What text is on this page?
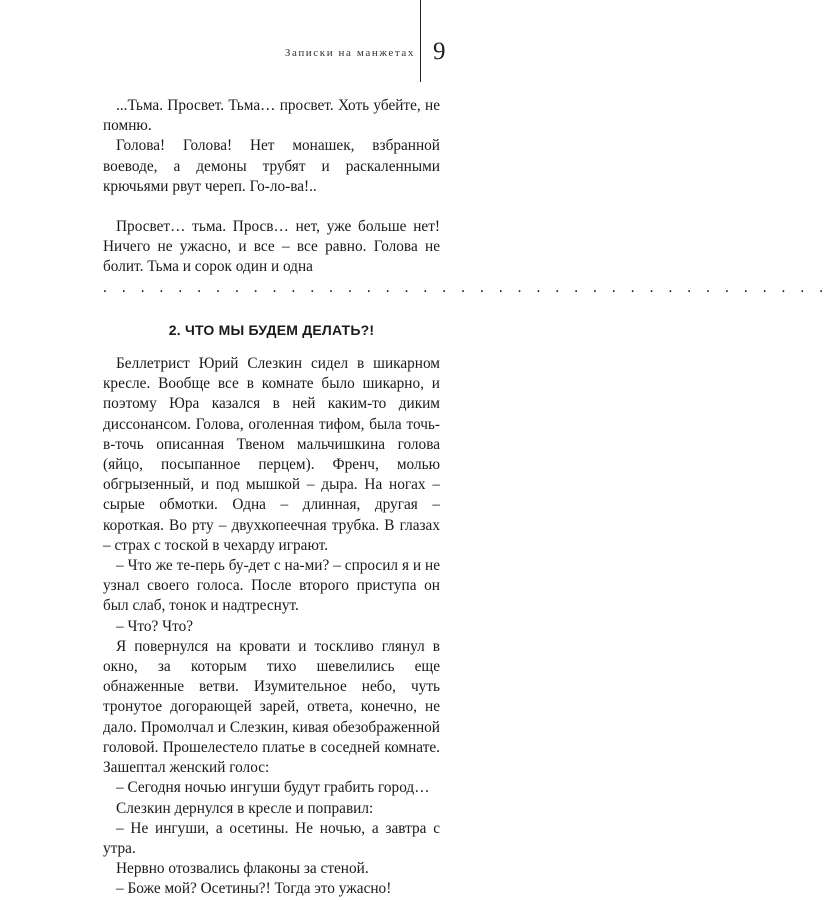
Записки на манжетах 9

...Тьма. Просвет. Тьма… просвет. Хоть убейте, не помню.

Голова! Голова! Нет монашек, взбранной воеводе, а демоны трубят и раскаленными крючьями рвут череп. Го-ло-ва!..

Просвет… тьма. Просв… нет, уже больше нет! Ничего не ужасно, и все – все равно. Голова не болит. Тьма и сорок один и одна

. . . . . . . . . . . . . . . . . . . . . . . . . . . . . . . . . . . . . . .
2. ЧТО МЫ БУДЕМ ДЕЛАТЬ?!

Беллетрист Юрий Слезкин сидел в шикарном кресле. Вообще все в комнате было шикарно, и поэтому Юра казался в ней каким-то диким диссонансом. Голова, оголенная тифом, была точь-в-точь описанная Твеном мальчишкина голова (яйцо, посыпанное перцем). Френч, молью обгрызенный, и под мышкой – дыра. На ногах – сырые обмотки. Одна – длинная, другая – короткая. Во рту – двухкопеечная трубка. В глазах – страх с тоской в чехарду играют.

– Что же те-перь бу-дет с на-ми? – спросил я и не узнал своего голоса. После второго приступа он был слаб, тонок и надтреснут.

– Что? Что?

Я повернулся на кровати и тоскливо глянул в окно, за которым тихо шевелились еще обнаженные ветви. Изумительное небо, чуть тронутое догорающей зарей, ответа, конечно, не дало. Промолчал и Слезкин, кивая обезображенной головой. Прошелестело платье в соседней комнате. Зашептал женский голос:

– Сегодня ночью ингуши будут грабить город…

Слезкин дернулся в кресле и поправил:

– Не ингуши, а осетины. Не ночью, а завтра с утра.

Нервно отозвались флаконы за стеной.

– Боже мой? Осетины?! Тогда это ужасно!
